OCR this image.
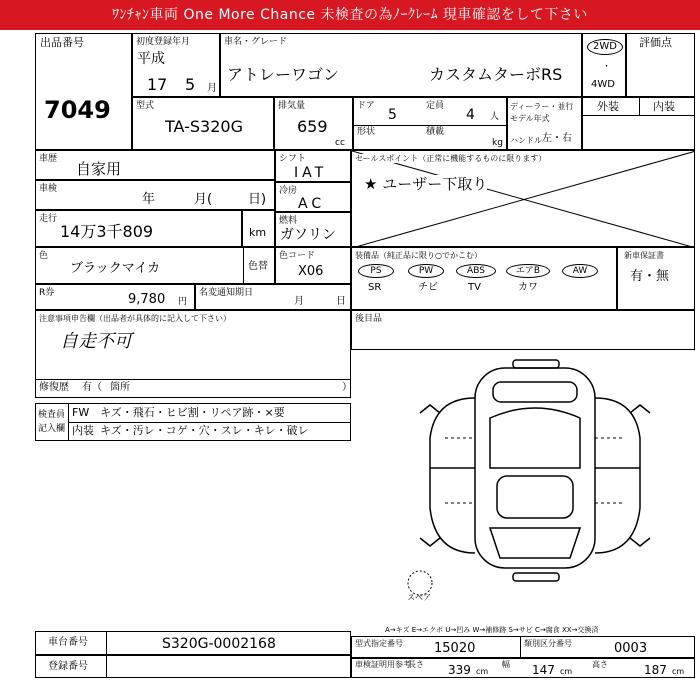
ﾜﾝﾁｬﾝ車両 One More Chance 未検査の為ﾉｰｸﾚｰﾑ 現車確認をして下さい
出品番号
7049
初度登録年月
平成
17 5 月
車名・グレード
アトレーワゴン	カスタムターボRS
2WD
・
4WD
評価点
型式
TA-S320G
排気量
659
cc
ドア
5
定員
4 人
形状	積載
kg
ディーラー・並行
モデル年式
ハンドル 左・右
外装	内装
車歴
自家用
車検
年	月(	日)
走行
14万3千809	km
シフト
IAT
冷房
AC
燃料
ガソリン
セールスポイント（正常に機能するものに限ります）
★ ユーザー下取り
色
ブラックマイカ	色替
色コード
X06
R券	9,780 円
名変通知期日
月	日
装備品（純正品に限り○でかこむ）
PS	PW	ABS	エアB	AW
SR	チビ	TV	カワ
新車保証書
有・無
注意事項申告欄（出品者が具体的に記入して下さい）
自走不可
修復歴 有（ 箇所	）
後目品
検査員
記入欄
FW キズ・飛石・ヒビ割・リペア跡・×要
内装 キズ・汚レ・コゲ・穴・スレ・キレ・破レ
スペア
A→キズ E→エクボ U→凹み W→補修跡 S→サビ C→腐食 XX→交換済
車台番号	S320G-0002168
登録番号
型式指定番号 15020	類別区分番号	0003
車検証明用参考
長さ 339 cm
幅 147 cm
高さ	187 cm
